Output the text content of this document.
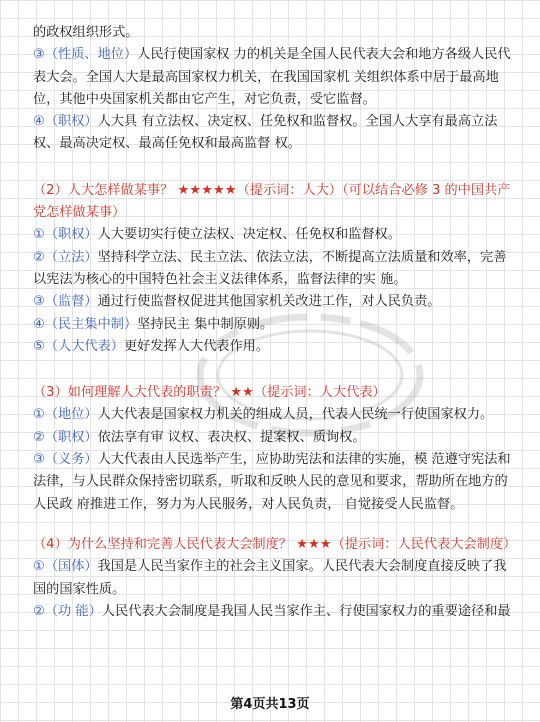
的政权组织形式。

③（性质、地位）人民行使国家权 力的机关是全国人民代表大会和地方各级人民代表大会。全国人大是最高国家权力机关，在我国国家机 关组织体系中居于最高地位，其他中央国家机关都由它产生，对它负责，受它监督。

④（职权）人大具 有立法权、决定权、任免权和监督权。全国人大享有最高立法权、最高决定权、最高任免权和最高监督 权。

（2）人大怎样做某事？ ★★★★★（提示词：人大）（可以结合必修 3 的中国共产党怎样做某事）

①（职权）人大要切实行使立法权、决定权、任免权和监督权。

②（立法）坚持科学立法、民主立法、依法立法，不断提高立法质量和效率，完善以宪法为核心的中国特色社会主义法律体系，监督法律的实 施。

③（监督）通过行使监督权促进其他国家机关改进工作，对人民负责。

④（民主集中制）坚持民主 集中制原则。

⑤（人大代表）更好发挥人大代表作用。

（3）如何理解人大代表的职责？ ★★（提示词：人大代表）

①（地位）人大代表是国家权力机关的组成人员，代表人民统一行使国家权力。

②（职权）依法享有审 议权、表决权、提案权、质询权。

③（义务）人大代表由人民选举产生，应协助宪法和法律的实施，模 范遵守宪法和法律，与人民群众保持密切联系，听取和反映人民的意见和要求，帮助所在地方的人民政 府推进工作，努力为人民服务，对人民负责， 自觉接受人民监督。

（4）为什么坚持和完善人民代表大会制度？ ★★★（提示词：人民代表大会制度）

①（国体）我国是人民当家作主的社会主义国家。人民代表大会制度直接反映了我国的国家性质。

②（功 能）人民代表大会制度是我国人民当家作主、行使国家权力的重要途径和最

第4页共13页
